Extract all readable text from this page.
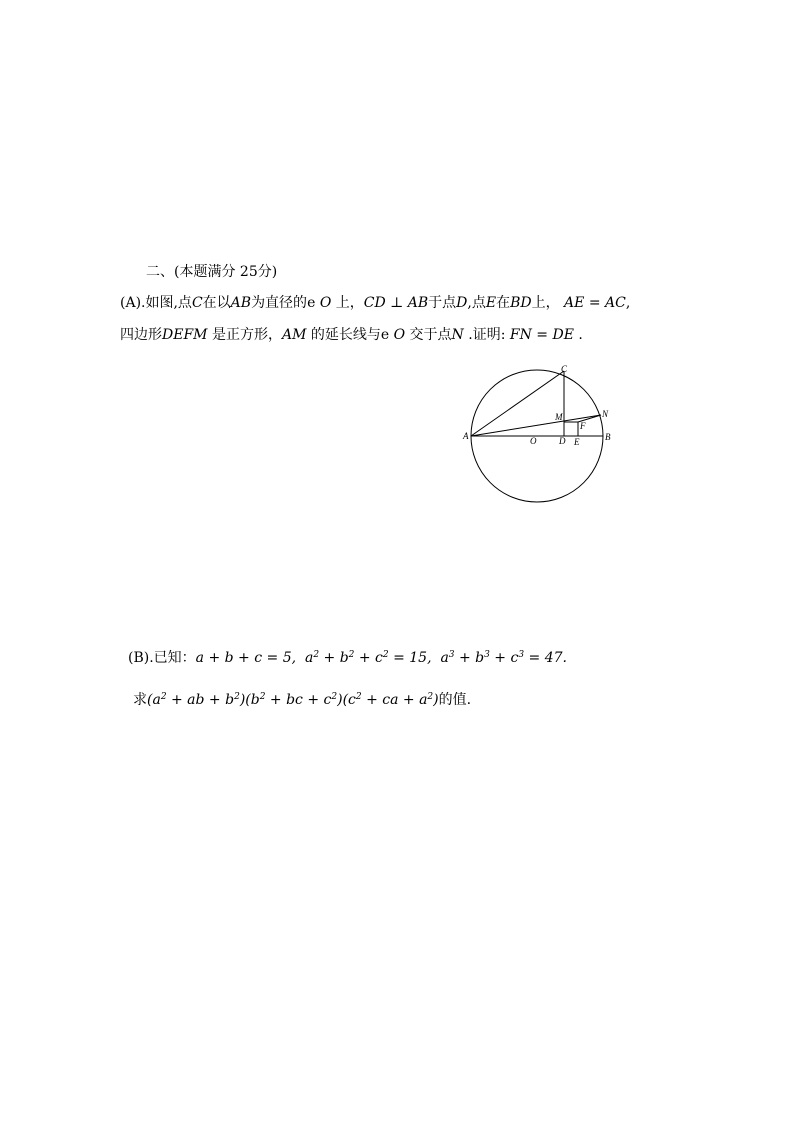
二、(本题满分 25分)
(A).如图,点C在以AB为直径的e O 上，CD ⊥ AB于点D,点E在BD上， AE = AC,
四边形DEFM 是正方形，AM 的延长线与e O 交于点N .证明: FN = DE .
C
A	B
M	N
F
D E
O
(B).已知：a + b + c = 5, $a^2 + b^2 + c^2 = 15$, $a^3 + b^3 + c^3 = 47$.
求($a^2$ + ab + $b^2)(b^2$ + bc + $c^2)(c^2$ + ca + $a^2$)的值.
